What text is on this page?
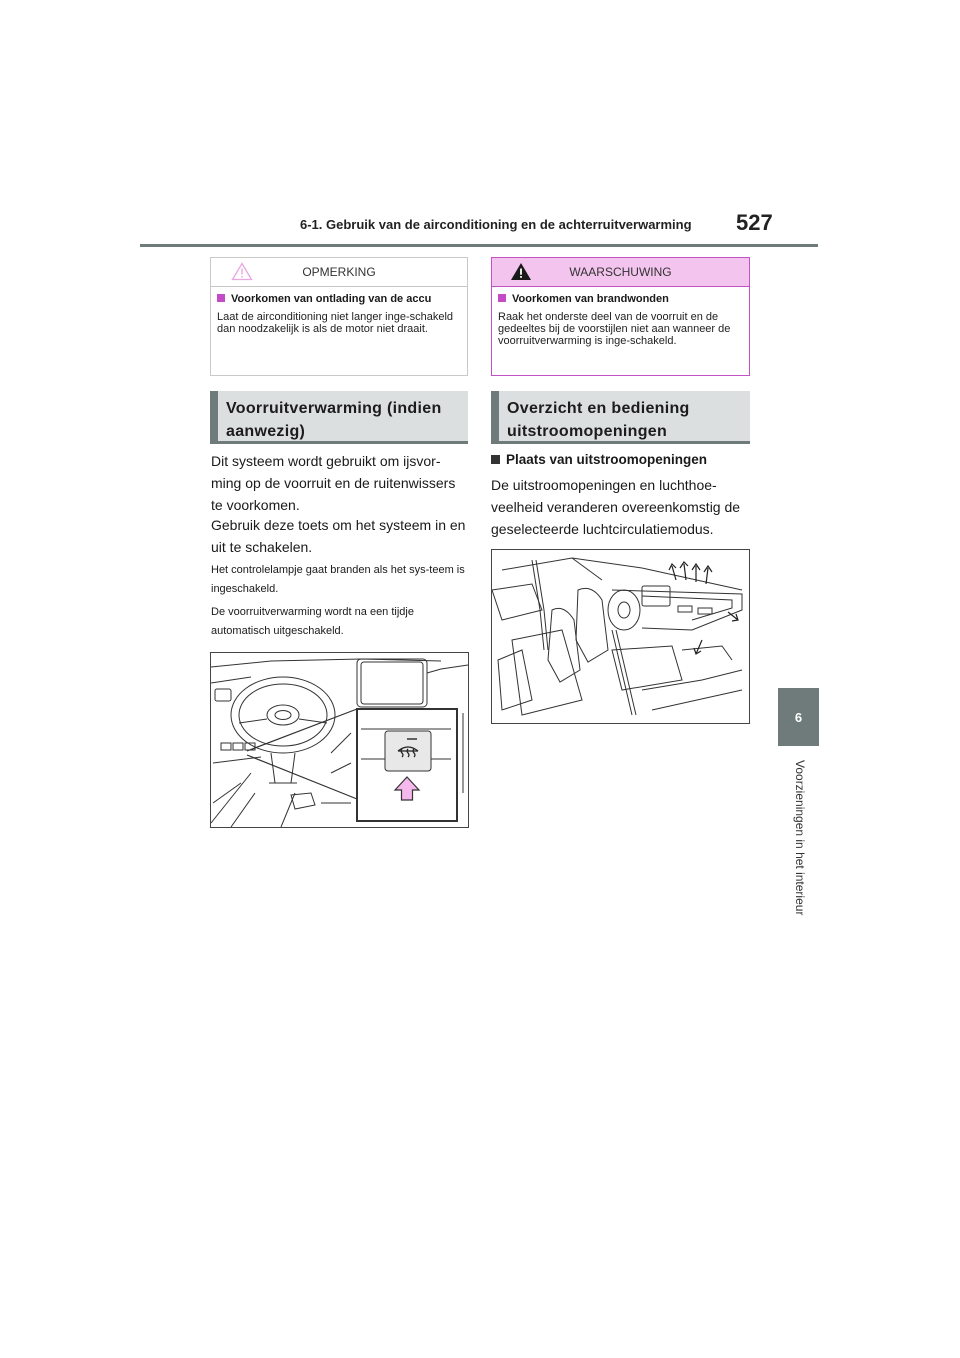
6-1. Gebruik van de airconditioning en de achterruitverwarming 527
6
Voorzieningen in het interieur
OPMERKING
Voorkomen van ontlading van de accu
Laat de airconditioning niet langer inge-schakeld dan noodzakelijk is als de motor niet draait.
WAARSCHUWING
Voorkomen van brandwonden
Raak het onderste deel van de voorruit en de gedeeltes bij de voorstijlen niet aan wanneer de voorruitverwarming is inge-schakeld.
Voorruitverwarming (indien
aanwezig)
Dit systeem wordt gebruikt om ijsvor-ming op de voorruit en de ruitenwissers te voorkomen.
Gebruik deze toets om het systeem in en uit te schakelen.
Het controlelampje gaat branden als het sys-teem is ingeschakeld.
De voorruitverwarming wordt na een tijdje automatisch uitgeschakeld.
Overzicht en bediening
uitstroomopeningen
Plaats van uitstroomopeningen
De uitstroomopeningen en luchthoe-veelheid veranderen overeenkomstig de geselecteerde luchtcirculatiemodus.
